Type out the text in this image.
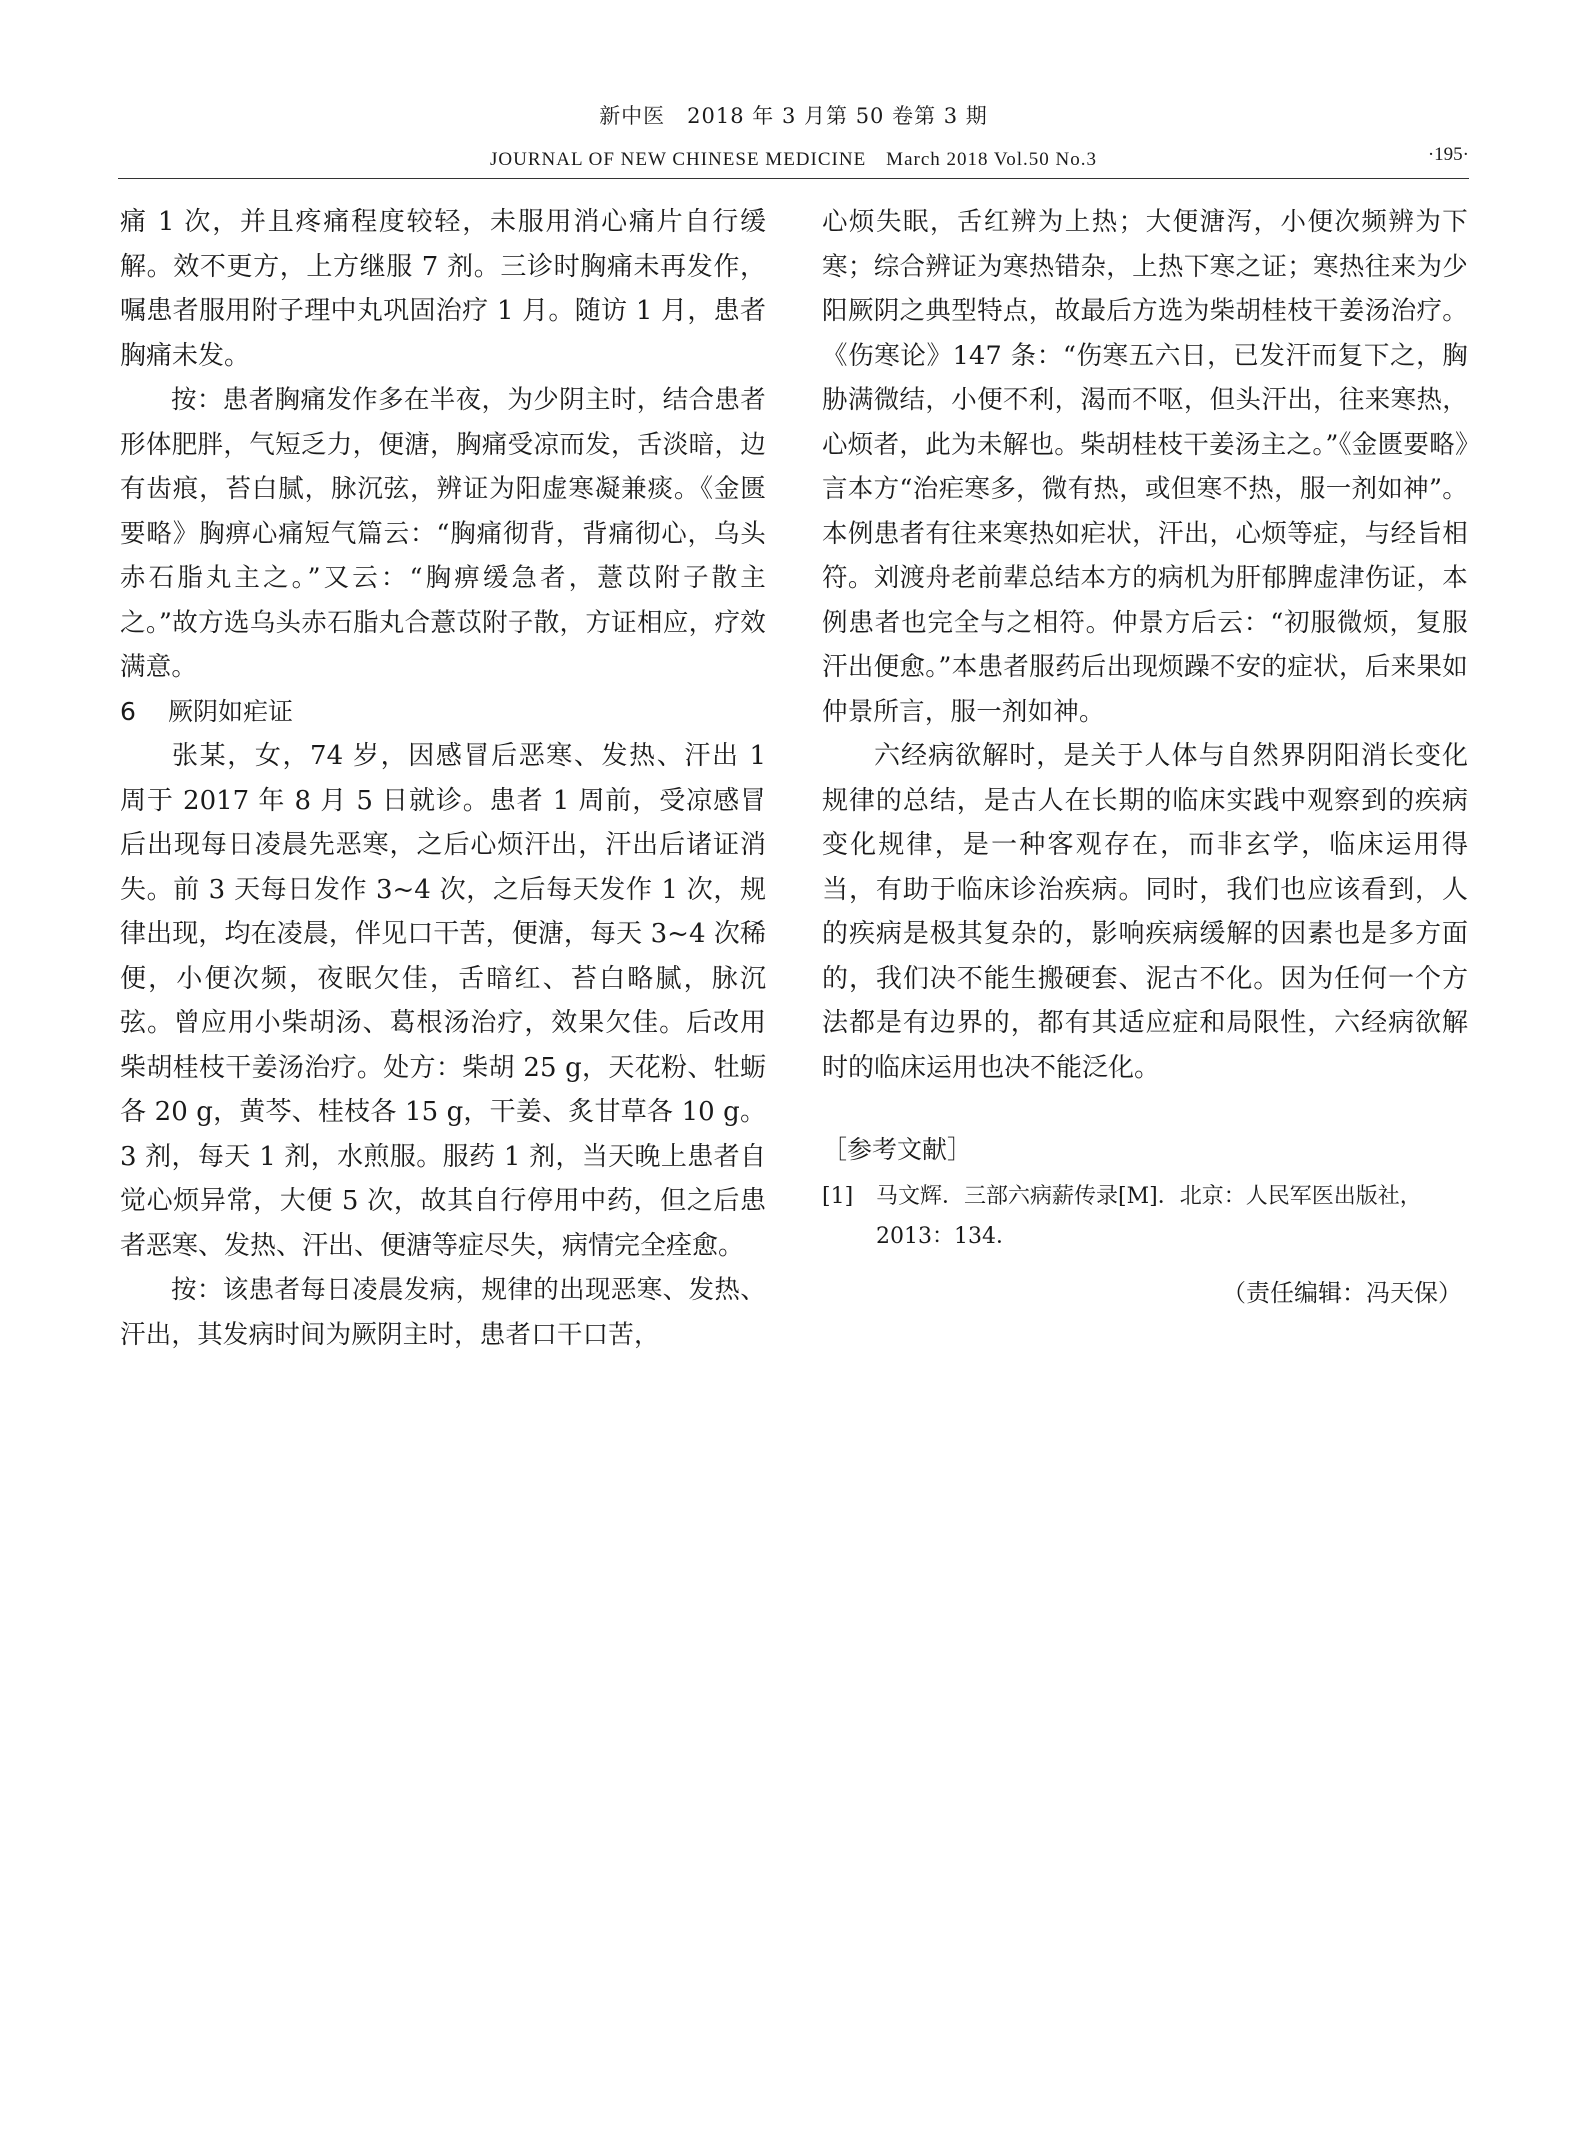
新中医　2018 年 3 月第 50 卷第 3 期
JOURNAL OF NEW CHINESE MEDICINE　March 2018 Vol.50 No.3	·195·

痛 1 次，并且疼痛程度较轻，未服用消心痛片自行缓解。效不更方，上方继服 7 剂。三诊时胸痛未再发作，嘱患者服用附子理中丸巩固治疗 1 月。随访 1 月，患者胸痛未发。

按：患者胸痛发作多在半夜，为少阴主时，结合患者形体肥胖，气短乏力，便溏，胸痛受凉而发，舌淡暗，边有齿痕，苔白腻，脉沉弦，辨证为阳虚寒凝兼痰。《金匮要略》胸痹心痛短气篇云：“胸痛彻背，背痛彻心，乌头赤石脂丸主之。”又云：“胸痹缓急者，薏苡附子散主之。”故方选乌头赤石脂丸合薏苡附子散，方证相应，疗效满意。

6 厥阴如疟证

张某，女，74 岁，因感冒后恶寒、发热、汗出 1 周于 2017 年 8 月 5 日就诊。患者 1 周前，受凉感冒后出现每日凌晨先恶寒，之后心烦汗出，汗出后诸证消失。前 3 天每日发作 3~4 次，之后每天发作 1 次，规律出现，均在凌晨，伴见口干苦，便溏，每天 3~4 次稀便，小便次频，夜眠欠佳，舌暗红、苔白略腻，脉沉弦。曾应用小柴胡汤、葛根汤治疗，效果欠佳。后改用柴胡桂枝干姜汤治疗。处方：柴胡 25 g，天花粉、牡蛎各 20 g，黄芩、桂枝各 15 g，干姜、炙甘草各 10 g。3 剂，每天 1 剂，水煎服。服药 1 剂，当天晚上患者自觉心烦异常，大便 5 次，故其自行停用中药，但之后患者恶寒、发热、汗出、便溏等症尽失，病情完全痊愈。

按：该患者每日凌晨发病，规律的出现恶寒、发热、汗出，其发病时间为厥阴主时，患者口干口苦，

心烦失眠，舌红辨为上热；大便溏泻，小便次频辨为下寒；综合辨证为寒热错杂，上热下寒之证；寒热往来为少阳厥阴之典型特点，故最后方选为柴胡桂枝干姜汤治疗。《伤寒论》147 条：“伤寒五六日，已发汗而复下之，胸胁满微结，小便不利，渴而不呕，但头汗出，往来寒热，心烦者，此为未解也。柴胡桂枝干姜汤主之。”《金匮要略》言本方“治疟寒多，微有热，或但寒不热，服一剂如神”。本例患者有往来寒热如疟状，汗出，心烦等症，与经旨相符。刘渡舟老前辈总结本方的病机为肝郁脾虚津伤证，本例患者也完全与之相符。仲景方后云：“初服微烦，复服汗出便愈。”本患者服药后出现烦躁不安的症状，后来果如仲景所言，服一剂如神。

六经病欲解时，是关于人体与自然界阴阳消长变化规律的总结，是古人在长期的临床实践中观察到的疾病变化规律，是一种客观存在，而非玄学，临床运用得当，有助于临床诊治疾病。同时，我们也应该看到，人的疾病是极其复杂的，影响疾病缓解的因素也是多方面的，我们决不能生搬硬套、泥古不化。因为任何一个方法都是有边界的，都有其适应症和局限性，六经病欲解时的临床运用也决不能泛化。

［参考文献］

[1] 马文辉．三部六病薪传录[M]．北京：人民军医出版社，2013：134．

（责任编辑：冯天保）
